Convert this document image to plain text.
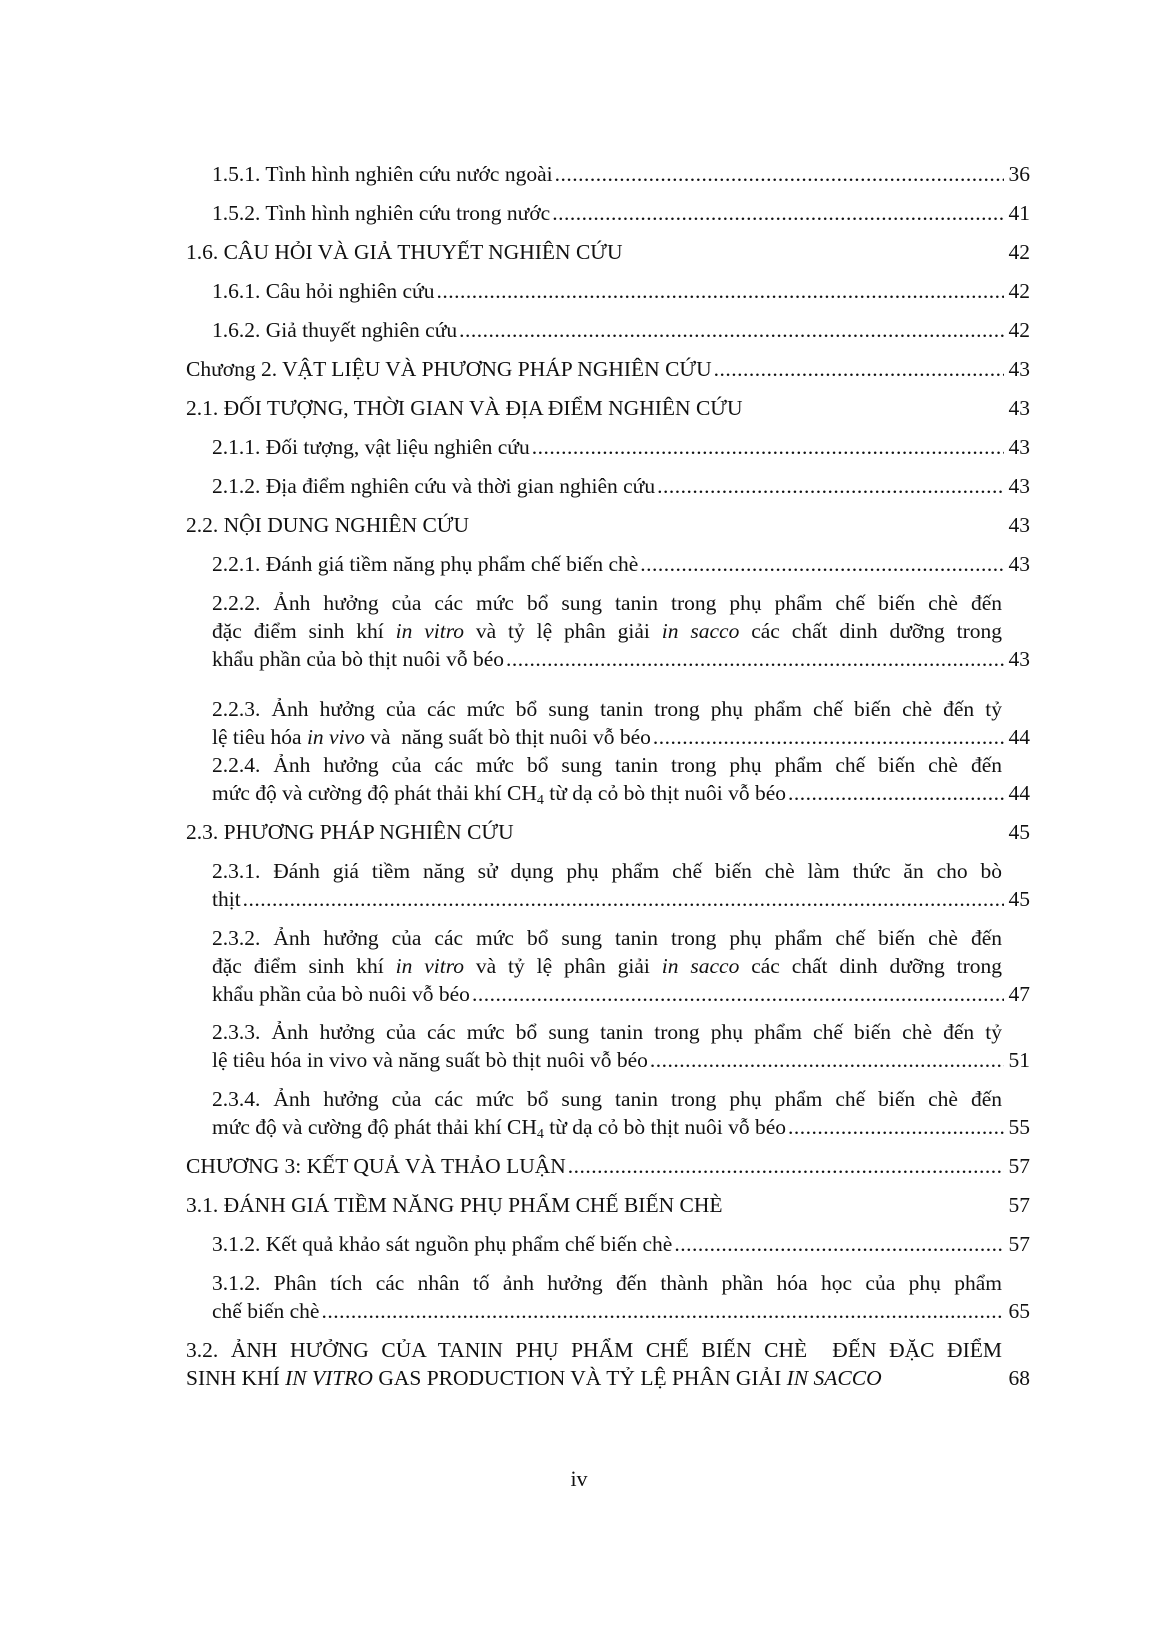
1.5.1. Tình hình nghiên cứu nước ngoài .....	36
1.5.2. Tình hình nghiên cứu trong nước .....	41
1.6. CÂU HỎI VÀ GIẢ THUYẾT NGHIÊN CỨU	42
1.6.1. Câu hỏi nghiên cứu .....	42
1.6.2. Giả thuyết nghiên cứu .....	42
Chương 2. VẬT LIỆU VÀ PHƯƠNG PHÁP NGHIÊN CỨU .....	43
2.1. ĐỐI TƯỢNG, THỜI GIAN VÀ ĐỊA ĐIỂM NGHIÊN CỨU	43
2.1.1. Đối tượng, vật liệu nghiên cứu .....	43
2.1.2. Địa điểm nghiên cứu và thời gian nghiên cứu .....	43
2.2. NỘI DUNG NGHIÊN CỨU	43
2.2.1. Đánh giá tiềm năng phụ phẩm chế biến chè .....	43
2.2.2. Ảnh hưởng của các mức bổ sung tanin trong phụ phẩm chế biến chè đến
đặc điểm sinh khí in vitro và tỷ lệ phân giải in sacco các chất dinh dưỡng trong
khẩu phần của bò thịt nuôi vỗ béo .....	43
2.2.3. Ảnh hưởng của các mức bổ sung tanin trong phụ phẩm chế biến chè đến tỷ
lệ tiêu hóa in vivo và  năng suất bò thịt nuôi vỗ béo .....	44
2.2.4. Ảnh hưởng của các mức bổ sung tanin trong phụ phẩm chế biến chè đến
mức độ và cường độ phát thải khí $CH_4$ từ dạ cỏ bò thịt nuôi vỗ béo .....	44
2.3. PHƯƠNG PHÁP NGHIÊN CỨU	45
2.3.1. Đánh giá tiềm năng sử dụng phụ phẩm chế biến chè làm thức ăn cho bò
thịt .....	45
2.3.2. Ảnh hưởng của các mức bổ sung tanin trong phụ phẩm chế biến chè đến
đặc điểm sinh khí in vitro và tỷ lệ phân giải in sacco các chất dinh dưỡng trong
khẩu phần của bò nuôi vỗ béo .....	47
2.3.3. Ảnh hưởng của các mức bổ sung tanin trong phụ phẩm chế biến chè đến tỷ
lệ tiêu hóa in vivo và năng suất bò thịt nuôi vỗ béo .....	51
2.3.4. Ảnh hưởng của các mức bổ sung tanin trong phụ phẩm chế biến chè đến
mức độ và cường độ phát thải khí $CH_4$ từ dạ cỏ bò thịt nuôi vỗ béo .....	55
CHƯƠNG 3: KẾT QUẢ VÀ THẢO LUẬN .....	57
3.1. ĐÁNH GIÁ TIỀM NĂNG PHỤ PHẨM CHẾ BIẾN CHÈ	57
3.1.2. Kết quả khảo sát nguồn phụ phẩm chế biến chè .....	57
3.1.2. Phân tích các nhân tố ảnh hưởng đến thành phần hóa học của phụ phẩm
chế biến chè .....	65
3.2. ẢNH HƯỞNG CỦA TANIN PHỤ PHẨM CHẾ BIẾN CHÈ  ĐẾN ĐẶC ĐIỂM
SINH KHÍ IN VITRO GAS PRODUCTION VÀ TỶ LỆ PHÂN GIẢI IN SACCO	68
iv
